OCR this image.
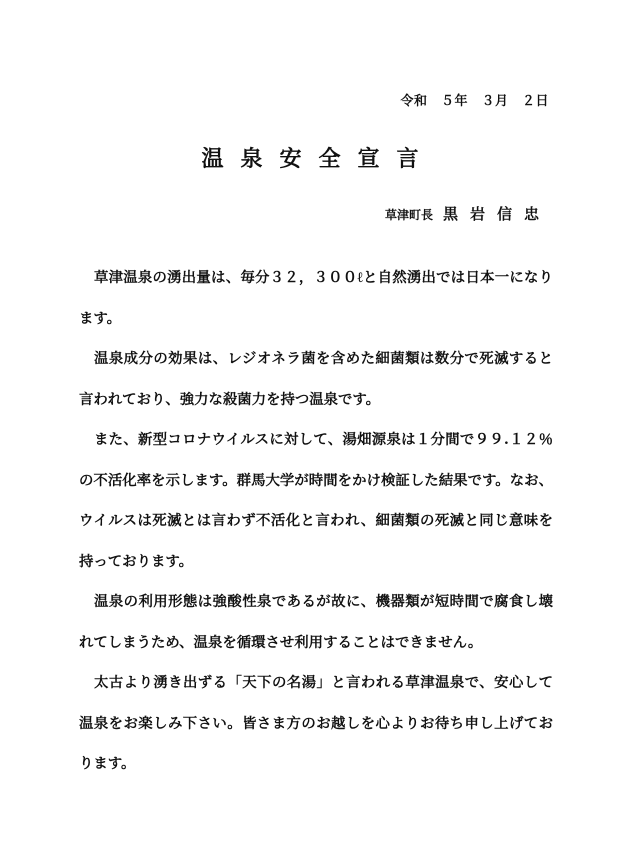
令和　５年　３月　２日
温泉安全宣言
草津町長 黒岩信忠

草津温泉の湧出量は、毎分３２，３００ℓと自然湧出では日本一になります。

温泉成分の効果は、レジオネラ菌を含めた細菌類は数分で死滅すると言われており、強力な殺菌力を持つ温泉です。

また、新型コロナウイルスに対して、湯畑源泉は１分間で９９.１２％の不活化率を示します。群馬大学が時間をかけ検証した結果です。なお、ウイルスは死滅とは言わず不活化と言われ、細菌類の死滅と同じ意味を持っております。

温泉の利用形態は強酸性泉であるが故に、機器類が短時間で腐食し壊れてしまうため、温泉を循環させ利用することはできません。

太古より湧き出ずる「天下の名湯」と言われる草津温泉で、安心して温泉をお楽しみ下さい。皆さま方のお越しを心よりお待ち申し上げております。
